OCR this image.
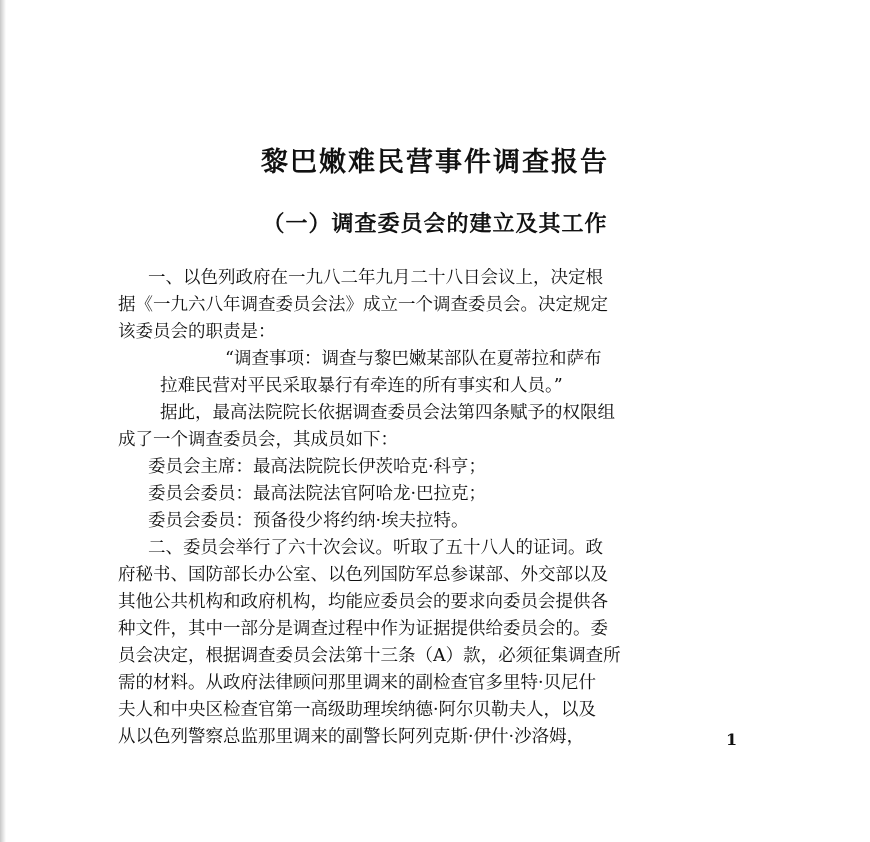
黎巴嫩难民营事件调查报告
（一）调查委员会的建立及其工作
一、以色列政府在一九八二年九月二十八日会议上，决定根
据《一九六八年调查委员会法》成立一个调查委员会。决定规定
该委员会的职责是：
“调查事项：调查与黎巴嫩某部队在夏蒂拉和萨布
拉难民营对平民采取暴行有牵连的所有事实和人员。”
据此，最高法院院长依据调查委员会法第四条赋予的权限组
成了一个调查委员会，其成员如下：
委员会主席：最高法院院长伊茨哈克·科亨；
委员会委员：最高法院法官阿哈龙·巴拉克；
委员会委员：预备役少将约纳·埃夫拉特。
二、委员会举行了六十次会议。听取了五十八人的证词。政
府秘书、国防部长办公室、以色列国防军总参谋部、外交部以及
其他公共机构和政府机构，均能应委员会的要求向委员会提供各
种文件，其中一部分是调查过程中作为证据提供给委员会的。委
员会决定，根据调查委员会法第十三条（A）款，必须征集调查所
需的材料。从政府法律顾问那里调来的副检查官多里特·贝尼什
夫人和中央区检查官第一高级助理埃纳德·阿尔贝勒夫人，以及
从以色列警察总监那里调来的副警长阿列克斯·伊什·沙洛姆，	1
